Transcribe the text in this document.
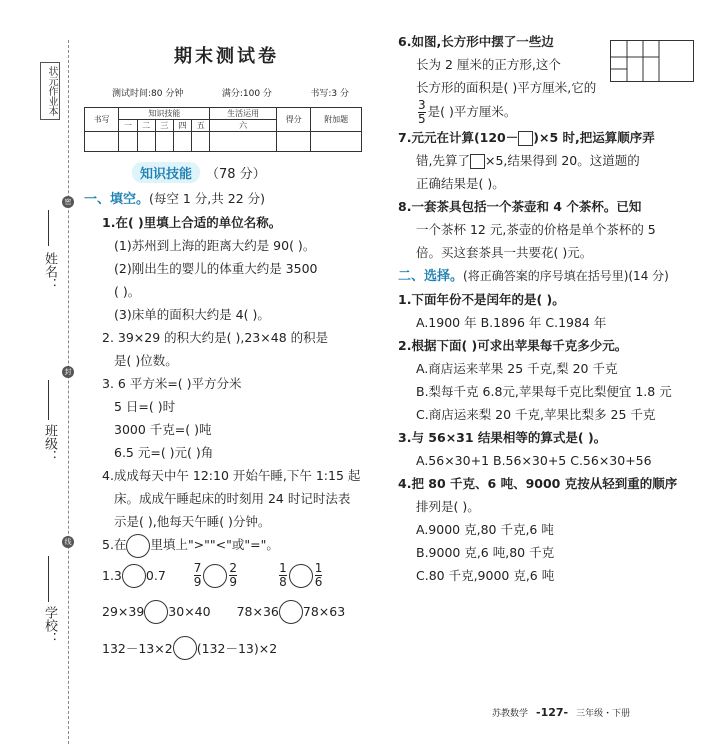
状元作业本
密
封
线
姓名：
班级：
学校：
期末测试卷
测试时间:80 分钟	满分:100 分	书写:3 分
书写	知识技能					生活运用	得分	附加题
	一	二	三	四	五	六		

知识技能	（78 分）
一、填空。(每空 1 分,共 22 分)
1.在( )里填上合适的单位名称。
(1)苏州到上海的距离大约是 90( )。
(2)刚出生的婴儿的体重大约是 3500
( )。
(3)床单的面积大约是 4( )。
2. 39×29 的积大约是( ),23×48 的积是
是( )位数。
3. 6 平方米=( )平方分米
5 日=( )时
3000 千克=( )吨
6.5 元=( )元( )角
4.成成每天中午 12:10 开始午睡,下午 1:15 起
床。成成午睡起床的时刻用 24 时记时法表
示是( ),他每天午睡( )分钟。
5.在 里填上">""<"或"="。
1.3 $0.7 \frac{7}{9} \frac{2}{9}$	$\frac{1}{8} \frac{1}{6}$
29×39 30×40 78×36 78×63
132－13×2 (132－13)×2
6.如图,长方形中摆了一些边
长为 2 厘米的正方形,这个
长方形的面积是( )平方厘米,它的
$\frac{3}{5}$ 是( )平方厘米。
7.元元在计算(120－ )×5 时,把运算顺序弄
错,先算了 ×5,结果得到 20。这道题的
正确结果是( )。
8.一套茶具包括一个茶壶和 4 个茶杯。已知
一个茶杯 12 元,茶壶的价格是单个茶杯的 5
倍。买这套茶具一共要花( )元。
二、选择。(将正确答案的序号填在括号里)(14 分)
1.下面年份不是闰年的是( )。
A.1900 年 B.1896 年 C.1984 年
2.根据下面( )可求出苹果每千克多少元。
A.商店运来苹果 25 千克,梨 20 千克
B.梨每千克 6.8元,苹果每千克比梨便宜 1.8 元
C.商店运来梨 20 千克,苹果比梨多 25 千克
3.与 56×31 结果相等的算式是( )。
A.56×30+1 B.56×30+5 C.56×30+56
4.把 80 千克、6 吨、9000 克按从轻到重的顺序
排列是( )。
A.9000 克,80 千克,6 吨
B.9000 克,6 吨,80 千克
C.80 千克,9000 克,6 吨
苏教数学 -127- 三年级・下册
